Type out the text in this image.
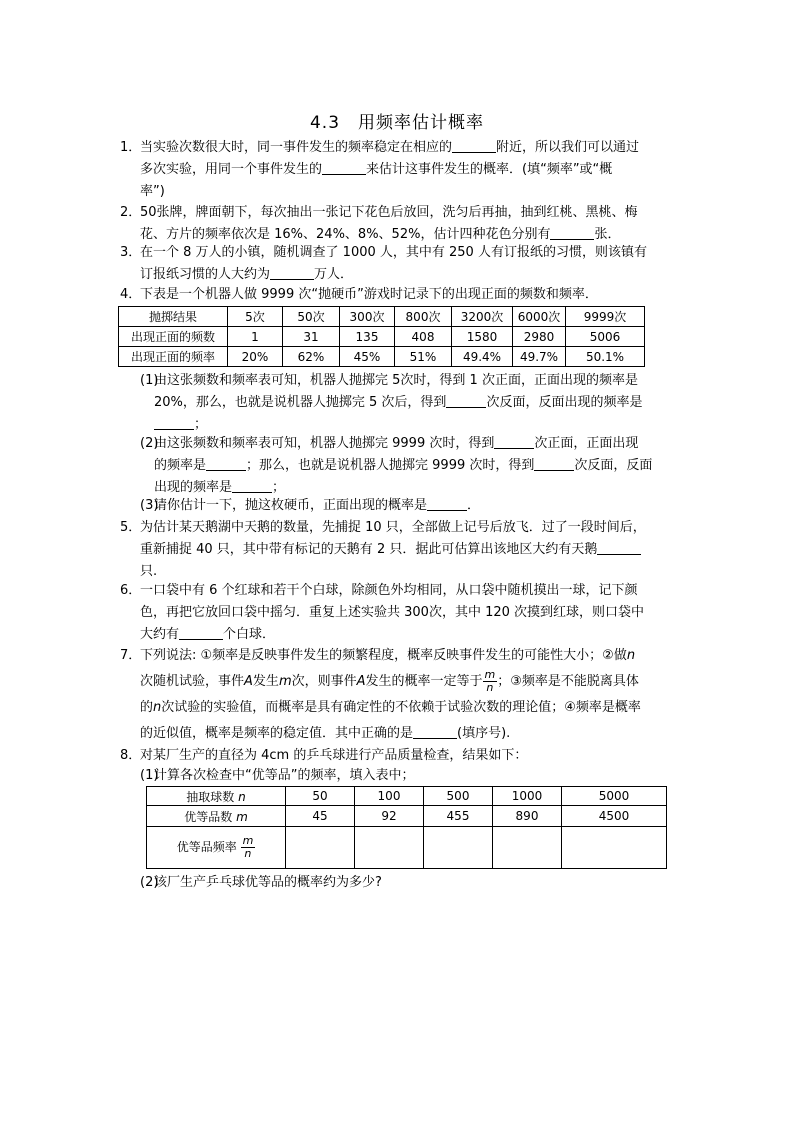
4.3　用频率估计概率
1．
当实验次数很大时，同一事件发生的频率稳定在相应的	附近，所以我们可以通过
多次实验，用同一个事件发生的	来估计这事件发生的概率．(填“频率”或“概
率”)
2．
50张牌，牌面朝下，每次抽出一张记下花色后放回，洗匀后再抽，抽到红桃、黑桃、梅
花、方片的频率依次是 16%、24%、8%、52%，估计四种花色分别有	张．
3．
在一个 8 万人的小镇，随机调查了 1000 人，其中有 250 人有订报纸的习惯，则该镇有
订报纸习惯的人大约为	万人．
4．
下表是一个机器人做 9999 次“抛硬币”游戏时记录下的出现正面的频数和频率．
抛掷结果	5次	50次	300次	800次	3200次	6000次	9999次
出现正面的频数	1	31	135	408	1580	2980	5006
出现正面的频率	20%	62%	45%	51%	49.4%	49.7%	50.1%
(1)
由这张频数和频率表可知，机器人抛掷完 5次时，得到 1 次正面，正面出现的频率是
20%，那么，也就是说机器人抛掷完 5 次后，得到	次反面，反面出现的频率是
；
(2)
由这张频数和频率表可知，机器人抛掷完 9999 次时，得到	次正面，正面出现
的频率是	；那么，也就是说机器人抛掷完 9999 次时，得到	次反面，反面
出现的频率是	；
(3)
请你估计一下，抛这枚硬币，正面出现的概率是	．
5．
为估计某天鹅湖中天鹅的数量，先捕捉 10 只，全部做上记号后放飞．过了一段时间后，
重新捕捉 40 只，其中带有标记的天鹅有 2 只．据此可估算出该地区大约有天鹅
只.
6．
一口袋中有 6 个红球和若干个白球，除颜色外均相同，从口袋中随机摸出一球，记下颜
色，再把它放回口袋中摇匀．重复上述实验共 300次，其中 120 次摸到红球，则口袋中
大约有	个白球．
7．
下列说法: ①频率是反映事件发生的频繁程度，概率反映事件发生的可能性大小；②做n
次随机试验，事件A发生m次，则事件A发生的概率一定等于 $\frac{m}{n}$ ；③频率是不能脱离具体
的n次试验的实验值，而概率是具有确定性的不依赖于试验次数的理论值；④频率是概率
的近似值，概率是频率的稳定值．其中正确的是	(填序号).
8．
对某厂生产的直径为 4cm 的乒乓球进行产品质量检查，结果如下：
(1)
计算各次检查中“优等品”的频率，填入表中；
抽取球数 n	50	100	500	1000	5000
优等品数 m	45	92	455	890	4500
优等品频率 $\frac{m}{n}$

(2)
该厂生产乒乓球优等品的概率约为多少?
